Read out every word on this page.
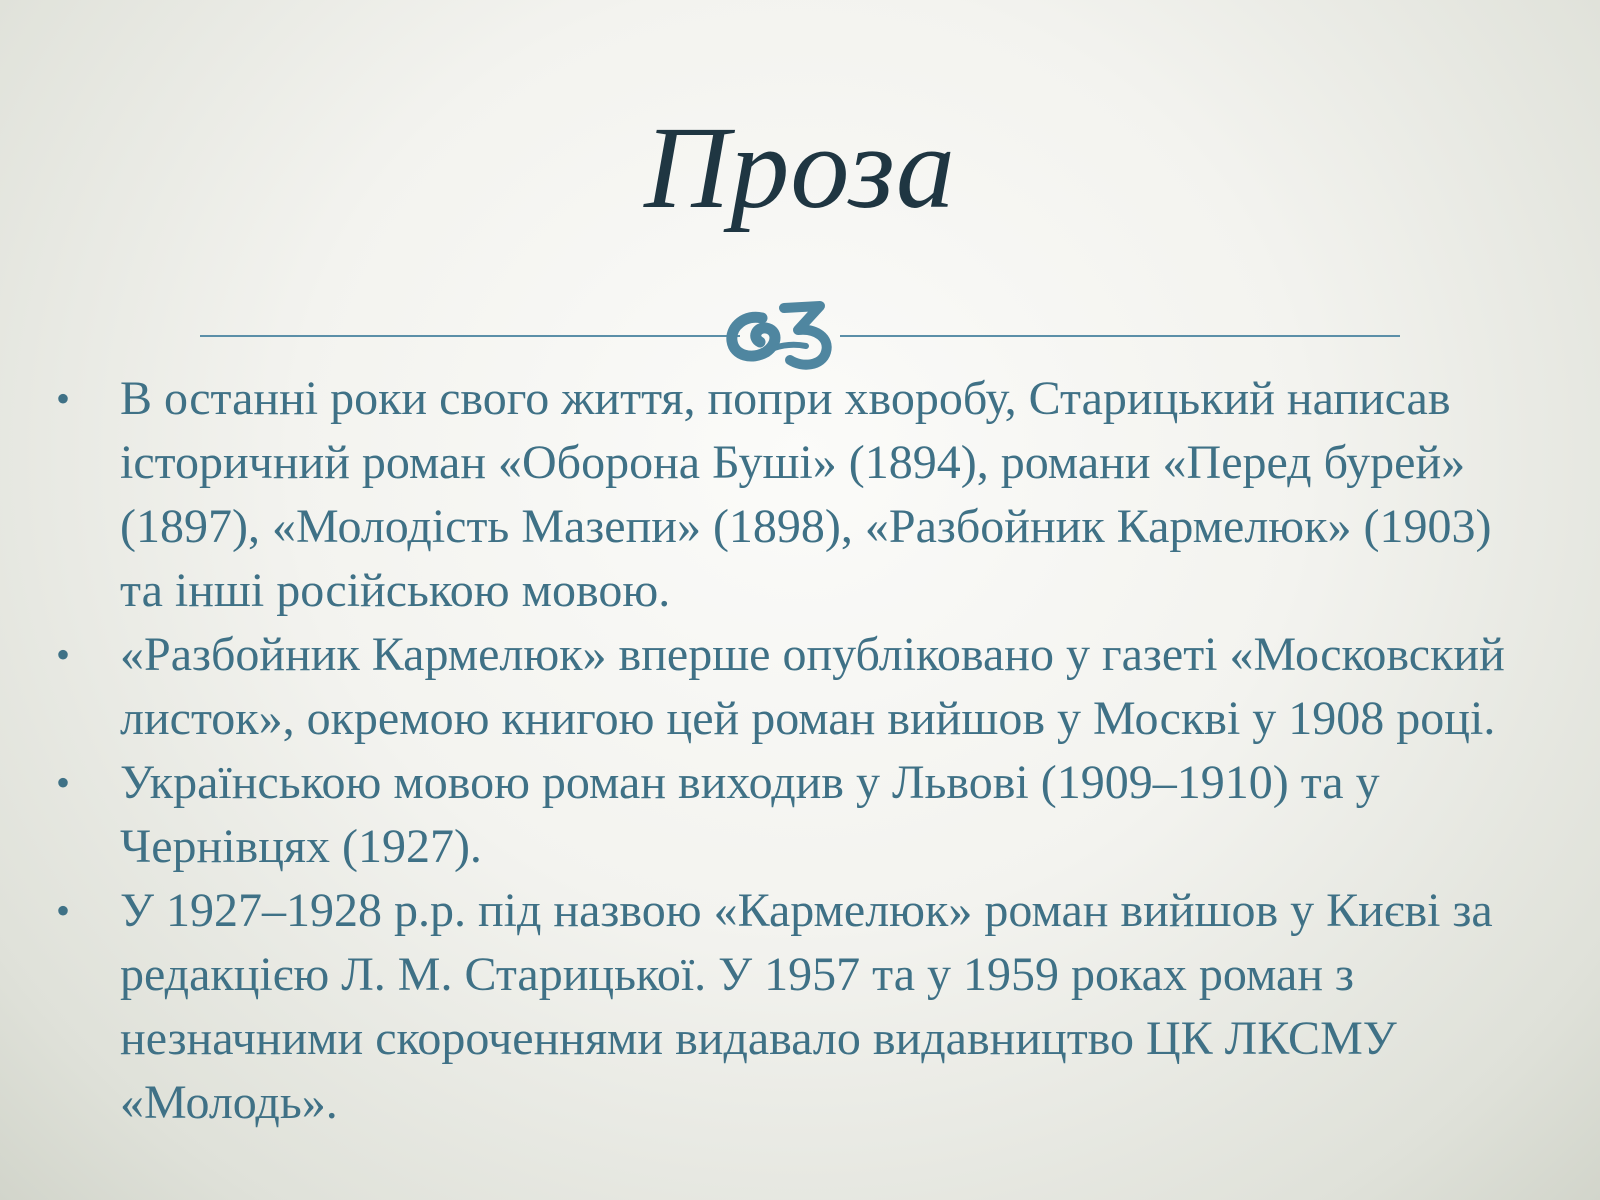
Проза
• В останні роки свого життя, попри хворобу, Старицький написав історичний роман «Оборона Буші» (1894), романи «Перед бурей» (1897), «Молодість Мазепи» (1898), «Разбойник Кармелюк» (1903) та інші російською мовою.
• «Разбойник Кармелюк» вперше опубліковано у газеті «Московский листок», окремою книгою цей роман вийшов у Москві у 1908 році.
• Українською мовою роман виходив у Львові (1909–1910) та у Чернівцях (1927).
• У 1927–1928 р.р. під назвою «Кармелюк» роман вийшов у Києві за редакцією Л. М. Старицької. У 1957 та у 1959 роках роман з незначними скороченнями видавало видавництво ЦК ЛКСМУ «Молодь».
